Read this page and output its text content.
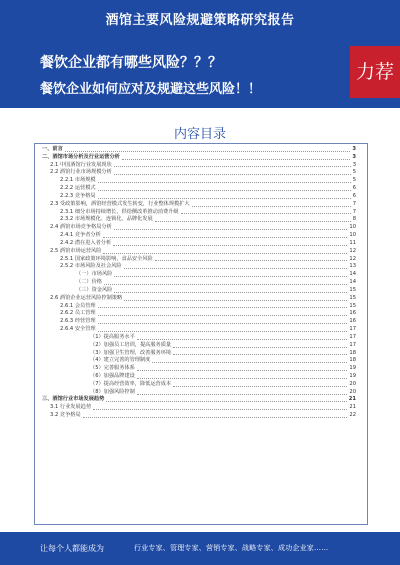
酒馆主要风险规避策略研究报告
餐饮企业都有哪些风险？？？
餐饮企业如何应对及规避这些风险！！
力荐
内容目录
一、前言	3
二、酒馆市场分析及行业运营分析	3
2.1 中国酒馆行业发展现状	3
2.2 酒馆行业市场规模分析	5
2.2.1 市场规模	5
2.2.2 运营模式	6
2.2.3 竞争格局	6
2.3 受政策影响，酒馆经营模式发生转变，行业整体规模扩大	7
2.3.1 细分市场持续增长，供给侧改革推动消费升级	7
2.3.2 市场规模化、连锁化、品牌化发展	8
2.4 酒馆市场竞争格局分析	10
2.4.1 竞争者分析	10
2.4.2 潜在进入者分析	11
2.5 酒馆市场运营风险	12
2.5.1 国家政策环境影响，食品安全风险	12
2.5.2 市场风险及社会风险	13
（一）市场风险	14
（二）价格	14
（三）资金风险	15
2.6 酒馆企业运营风险控制策略	15
2.6.1 会员管理	15
2.6.2 员工管理	16
2.6.3 经营管理	16
2.6.4 安全管理	17
（1）提高服务水平	17
（2）加强员工培训，提高服务质量	17
（3）加强卫生管理，改善服务环境	18
（4）建立完善的管理制度	18
（5）完善服务体系	19
（6）加强品牌建设	19
（7）提高经营效率，降低运营成本	20
（8）加强风险控制	20
三、酒馆行业市场发展趋势	21
3.1 行业发展趋势	21
3.2 竞争格局	22
让每个人都能成为	行业专家、管理专家、营销专家、战略专家、成功企业家……
